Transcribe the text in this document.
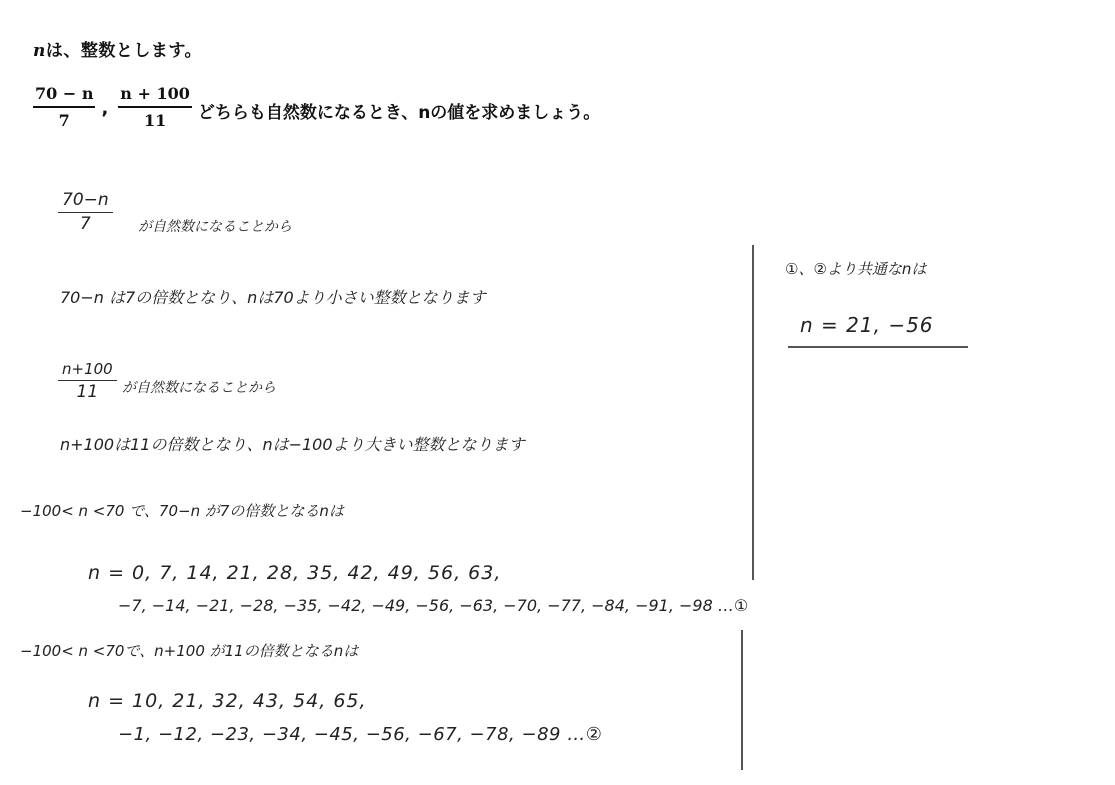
nは、整数とします。
$\frac{70 - n}{7}$ , $\frac{n + 100}{11}$ どちらも自然数になるとき、nの値を求めましょう。
$\frac{70-n}{7}$ が自然数になることから
70−n は7の倍数となり、nは70より小さい整数となります
$\frac{n+100}{11}$ が自然数になることから
n+100は11の倍数となり、nは−100より大きい整数となります
−100< n <70 で、70−n が7の倍数となるnは
n = 0, 7, 14, 21, 28, 35, 42, 49, 56, 63,
−7, −14, −21, −28, −35, −42, −49, −56, −63, −70, −77, −84, −91, −98 …①
−100< n <70で、n+100 が11の倍数となるnは
n = 10, 21, 32, 43, 54, 65,
−1, −12, −23, −34, −45, −56, −67, −78, −89 …②
①、②より共通なnは
n = 21, −56
